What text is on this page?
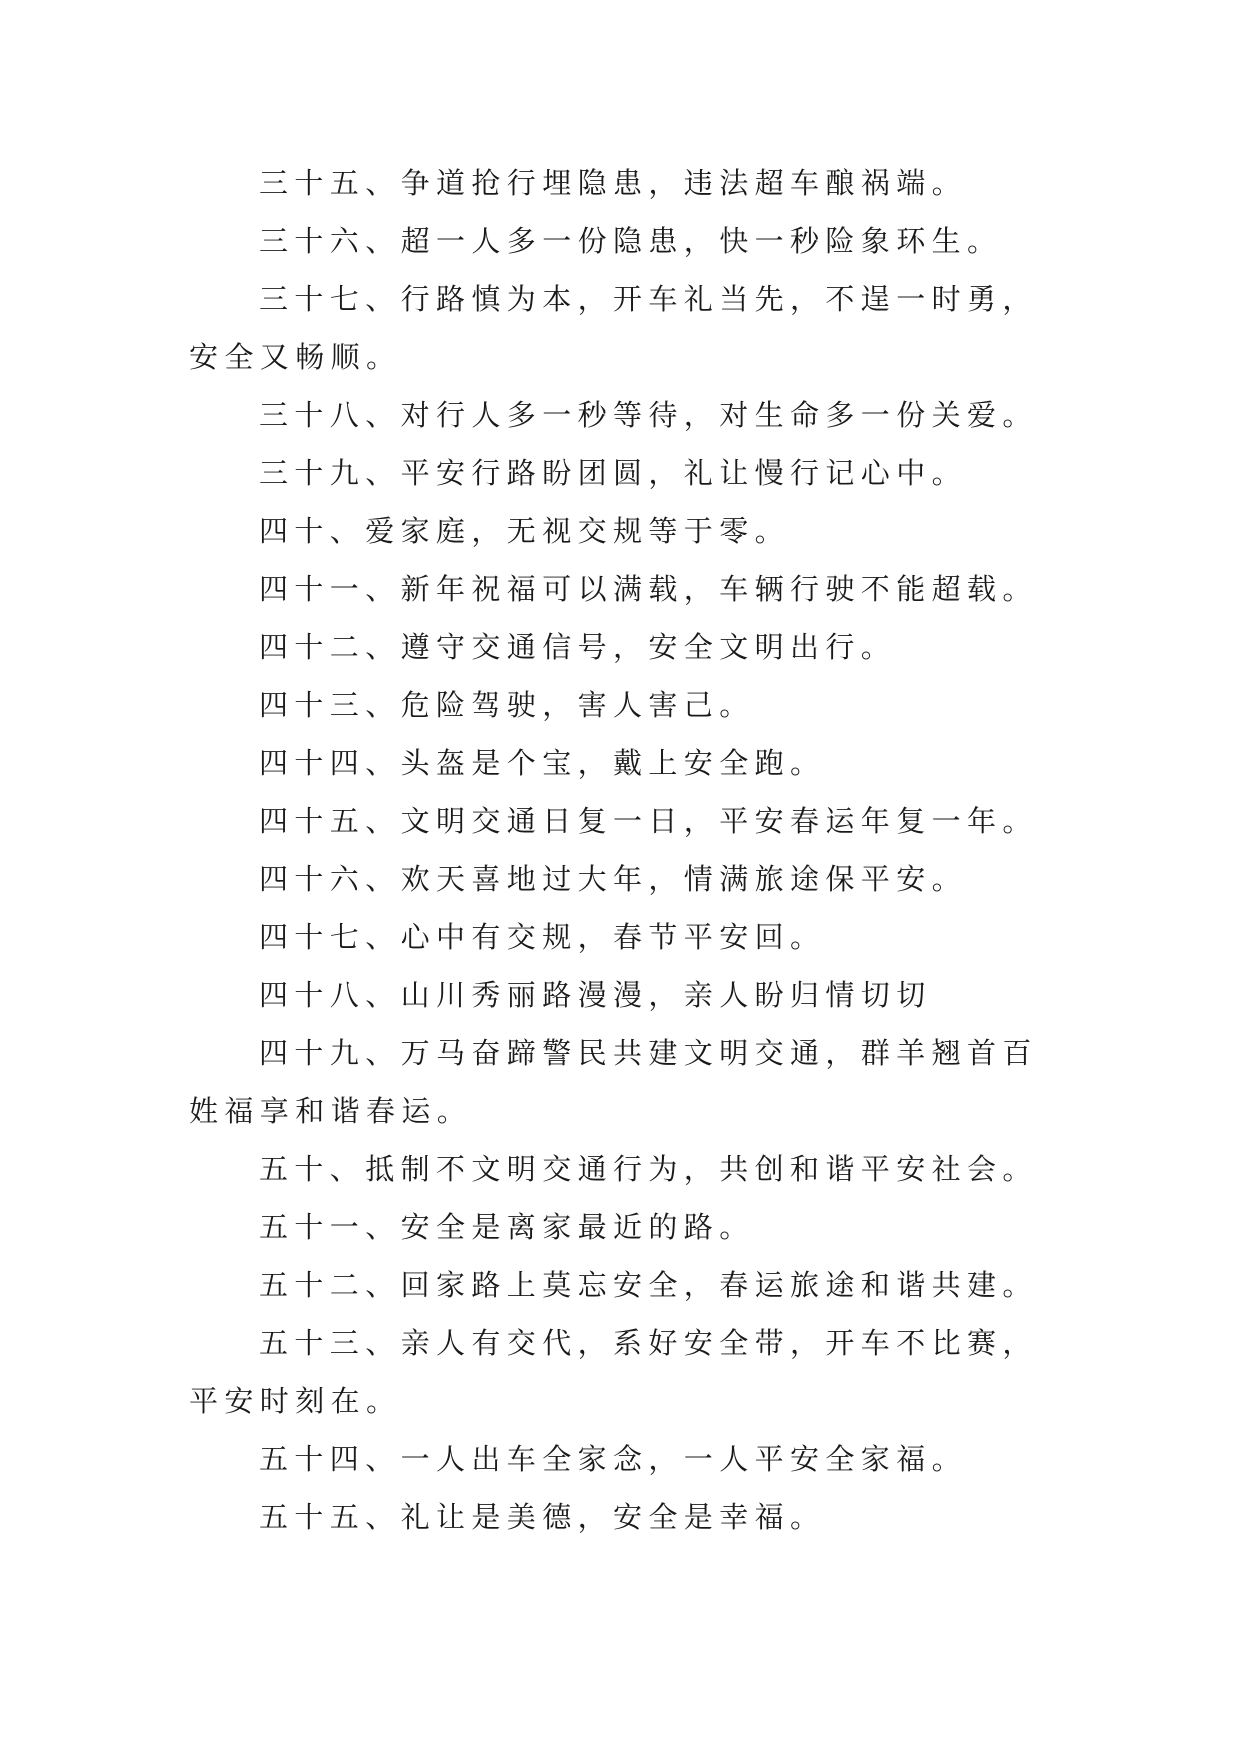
三十五、争道抢行埋隐患，违法超车酿祸端。

三十六、超一人多一份隐患，快一秒险象环生。

三十七、行路慎为本，开车礼当先，不逞一时勇，安全又畅顺。

三十八、对行人多一秒等待，对生命多一份关爱。

三十九、平安行路盼团圆，礼让慢行记心中。

四十、爱家庭，无视交规等于零。

四十一、新年祝福可以满载，车辆行驶不能超载。

四十二、遵守交通信号，安全文明出行。

四十三、危险驾驶，害人害己。

四十四、头盔是个宝，戴上安全跑。

四十五、文明交通日复一日，平安春运年复一年。

四十六、欢天喜地过大年，情满旅途保平安。

四十七、心中有交规，春节平安回。

四十八、山川秀丽路漫漫，亲人盼归情切切

四十九、万马奋蹄警民共建文明交通，群羊翘首百姓福享和谐春运。

五十、抵制不文明交通行为，共创和谐平安社会。

五十一、安全是离家最近的路。

五十二、回家路上莫忘安全，春运旅途和谐共建。

五十三、亲人有交代，系好安全带，开车不比赛，平安时刻在。

五十四、一人出车全家念，一人平安全家福。

五十五、礼让是美德，安全是幸福。
